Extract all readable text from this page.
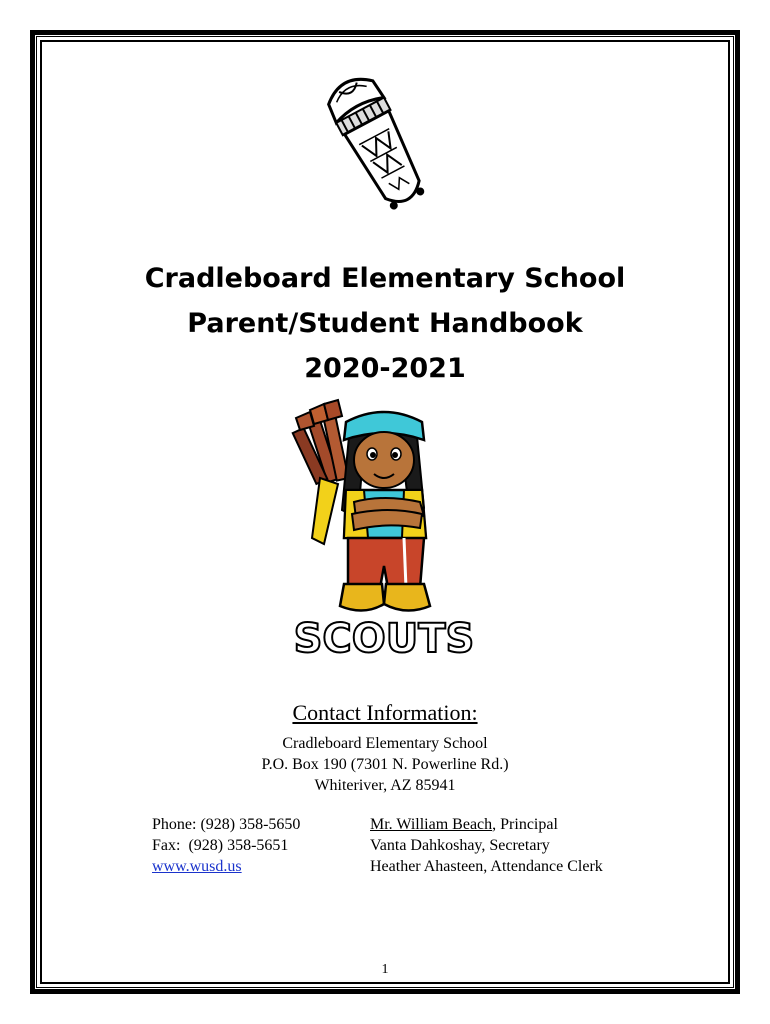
Cradleboard Elementary School
Parent/Student Handbook
2020-2021
SCOUTS
Contact Information:
Cradleboard Elementary School
P.O. Box 190 (7301 N. Powerline Rd.)
Whiteriver, AZ 85941
Phone: (928) 358-5650
Fax:  (928) 358-5651
www.wusd.us
Mr. William Beach, Principal
Vanta Dahkoshay, Secretary
Heather Ahasteen, Attendance Clerk
1
